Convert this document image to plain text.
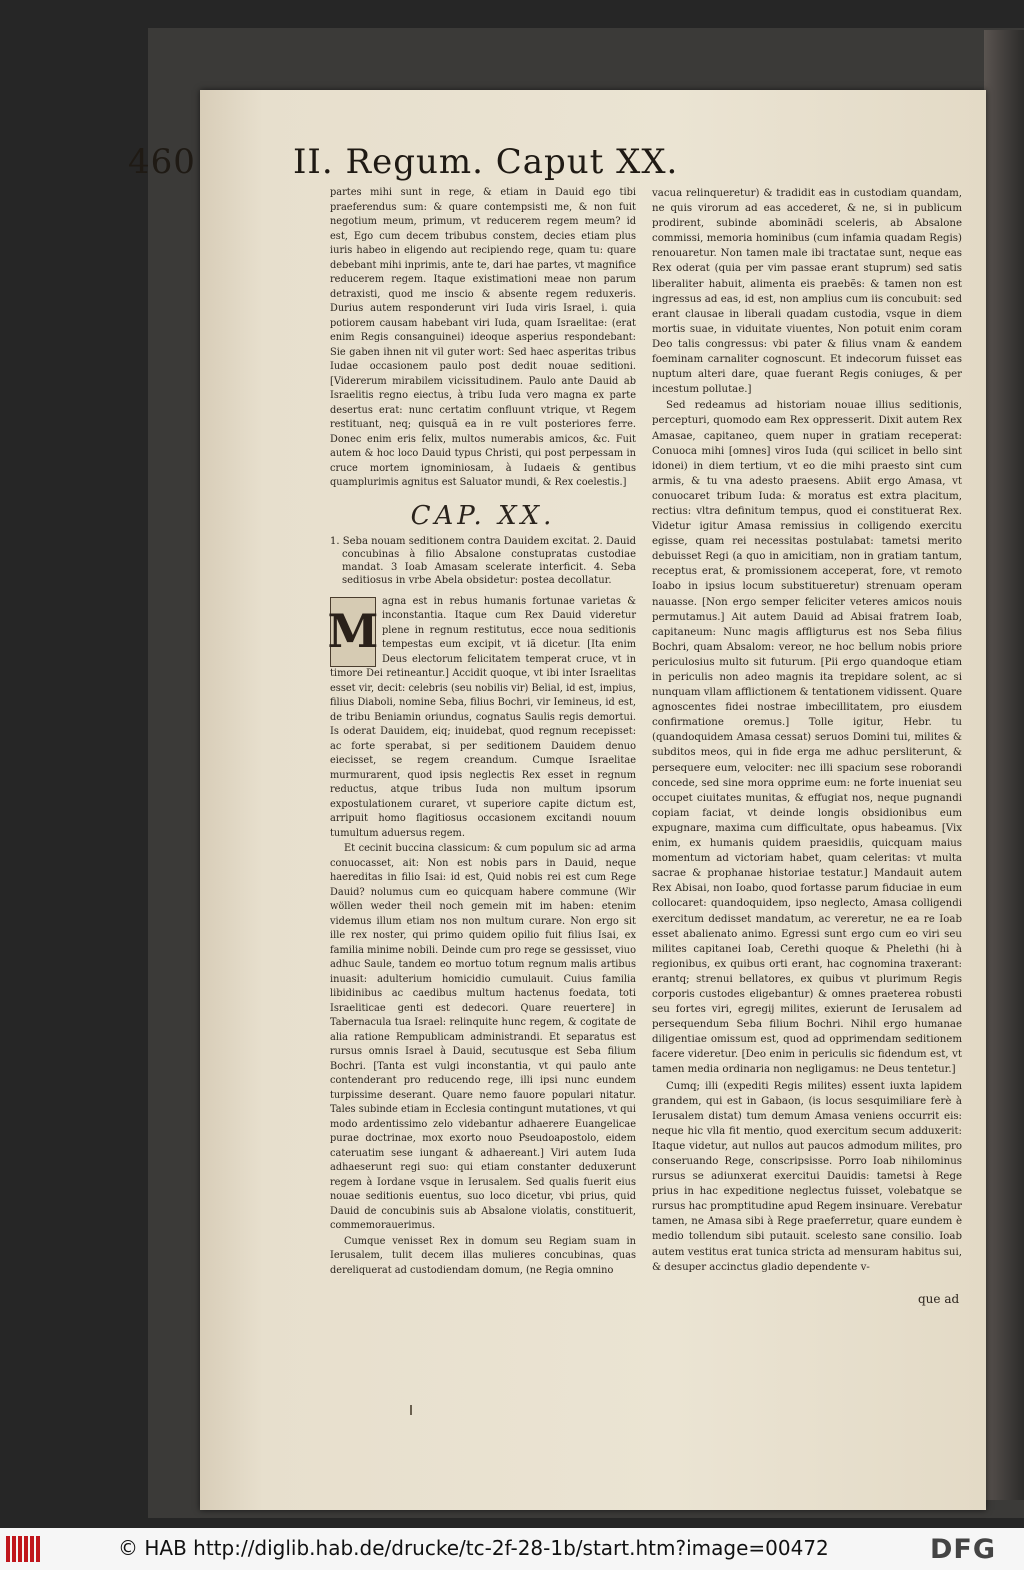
460	II. Regum. Caput XX.

partes mihi sunt in rege, & etiam in Dauid ego tibi praeferendus sum: & quare contempsisti me, & non fuit negotium meum, primum, vt reducerem regem meum? id est, Ego cum decem tribubus constem, decies etiam plus iuris habeo in eligendo aut recipiendo rege, quam tu: quare debebant mihi inprimis, ante te, dari hae partes, vt magnifice reducerem regem. Itaque existimationi meae non parum detraxisti, quod me inscio & absente regem reduxeris. Durius autem responderunt viri Iuda viris Israel, i. quia potiorem causam habebant viri Iuda, quam Israelitae: (erat enim Regis consanguinei) ideoque asperius respondebant: Sie gaben ihnen nit vil guter wort: Sed haec asperitas tribus Iudae occasionem paulo post dedit nouae seditioni. [Vidererum mirabilem vicissitudinem. Paulo ante Dauid ab Israelitis regno eiectus, à tribu Iuda vero magna ex parte desertus erat: nunc certatim confluunt vtrique, vt Regem restituant, neq; quisquã ea in re vult posteriores ferre. Donec enim eris felix, multos numerabis amicos, &c. Fuit autem & hoc loco Dauid typus Christi, qui post perpessam in cruce mortem ignominiosam, à Iudaeis & gentibus quamplurimis agnitus est Saluator mundi, & Rex coelestis.]

CAP. XX.
1. Seba nouam seditionem contra Dauidem excitat. 2. Dauid concubinas à filio Absalone constupratas custodiae mandat. 3 Ioab Amasam scelerate interficit. 4. Seba seditiosus in vrbe Abela obsidetur: postea decollatur.
M

agna est in rebus humanis fortunae varietas & inconstantia. Itaque cum Rex Dauid videretur plene in regnum restitutus, ecce noua seditionis tempestas eum excipit, vt iã dicetur. [Ita enim Deus electorum felicitatem temperat cruce, vt in timore Dei retineantur.] Accidit quoque, vt ibi inter Israelitas esset vir, decit: celebris (seu nobilis vir) Belial, id est, impius, filius Diaboli, nomine Seba, filius Bochri, vir Iemineus, id est, de tribu Beniamin oriundus, cognatus Saulis regis demortui. Is oderat Dauidem, eiq; inuidebat, quod regnum recepisset: ac forte sperabat, si per seditionem Dauidem denuo eiecisset, se regem creandum. Cumque Israelitae murmurarent, quod ipsis neglectis Rex esset in regnum reductus, atque tribus Iuda non multum ipsorum expostulationem curaret, vt superiore capite dictum est, arripuit homo flagitiosus occasionem excitandi nouum tumultum aduersus regem.

Et cecinit buccina classicum: & cum populum sic ad arma conuocasset, ait: Non est nobis pars in Dauid, neque haereditas in filio Isai: id est, Quid nobis rei est cum Rege Dauid? nolumus cum eo quicquam habere commune (Wir wöllen weder theil noch gemein mit im haben: etenim videmus illum etiam nos non multum curare. Non ergo sit ille rex noster, qui primo quidem opilio fuit filius Isai, ex familia minime nobili. Deinde cum pro rege se gessisset, viuo adhuc Saule, tandem eo mortuo totum regnum malis artibus inuasit: adulterium homicidio cumulauit. Cuius familia libidinibus ac caedibus multum hactenus foedata, toti Israeliticae genti est dedecori. Quare reuertere] in Tabernacula tua Israel: relinquite hunc regem, & cogitate de alia ratione Rempublicam administrandi. Et separatus est rursus omnis Israel à Dauid, secutusque est Seba filium Bochri. [Tanta est vulgi inconstantia, vt qui paulo ante contenderant pro reducendo rege, illi ipsi nunc eundem turpissime deserant. Quare nemo fauore populari nitatur. Tales subinde etiam in Ecclesia contingunt mutationes, vt qui modo ardentissimo zelo videbantur adhaerere Euangelicae purae doctrinae, mox exorto nouo Pseudoapostolo, eidem cateruatim sese iungant & adhaereant.] Viri autem Iuda adhaeserunt regi suo: qui etiam constanter deduxerunt regem à Iordane vsque in Ierusalem. Sed qualis fuerit eius nouae seditionis euentus, suo loco dicetur, vbi prius, quid Dauid de concubinis suis ab Absalone violatis, constituerit, commemorauerimus.

Cumque venisset Rex in domum seu Regiam suam in Ierusalem, tulit decem illas mulieres concubinas, quas dereliquerat ad custodiendam domum, (ne Regia omnino

vacua relinqueretur) & tradidit eas in custodiam quandam, ne quis virorum ad eas accederet, & ne, si in publicum prodirent, subinde abominãdi sceleris, ab Absalone commissi, memoria hominibus (cum infamia quadam Regis) renouaretur. Non tamen male ibi tractatae sunt, neque eas Rex oderat (quia per vim passae erant stuprum) sed satis liberaliter habuit, alimenta eis praebẽs: & tamen non est ingressus ad eas, id est, non amplius cum iis concubuit: sed erant clausae in liberali quadam custodia, vsque in diem mortis suae, in viduitate viuentes, Non potuit enim coram Deo talis congressus: vbi pater & filius vnam & eandem foeminam carnaliter cognoscunt. Et indecorum fuisset eas nuptum alteri dare, quae fuerant Regis coniuges, & per incestum pollutae.]

Sed redeamus ad historiam nouae illius seditionis, percepturi, quomodo eam Rex oppresserit. Dixit autem Rex Amasae, capitaneo, quem nuper in gratiam receperat: Conuoca mihi [omnes] viros Iuda (qui scilicet in bello sint idonei) in diem tertium, vt eo die mihi praesto sint cum armis, & tu vna adesto praesens. Abiit ergo Amasa, vt conuocaret tribum Iuda: & moratus est extra placitum, rectius: vltra definitum tempus, quod ei constituerat Rex. Videtur igitur Amasa remissius in colligendo exercitu egisse, quam rei necessitas postulabat: tametsi merito debuisset Regi (a quo in amicitiam, non in gratiam tantum, receptus erat, & promissionem acceperat, fore, vt remoto Ioabo in ipsius locum substitueretur) strenuam operam nauasse. [Non ergo semper feliciter veteres amicos nouis permutamus.] Ait autem Dauid ad Abisai fratrem Ioab, capitaneum: Nunc magis affligturus est nos Seba filius Bochri, quam Absalom: vereor, ne hoc bellum nobis priore periculosius multo sit futurum. [Pii ergo quandoque etiam in periculis non adeo magnis ita trepidare solent, ac si nunquam vllam afflictionem & tentationem vidissent. Quare agnoscentes fidei nostrae imbecillitatem, pro eiusdem confirmatione oremus.] Tolle igitur, Hebr. tu (quandoquidem Amasa cessat) seruos Domini tui, milites & subditos meos, qui in fide erga me adhuc persliterunt, & persequere eum, velociter: nec illi spacium sese roborandi concede, sed sine mora opprime eum: ne forte inueniat seu occupet ciuitates munitas, & effugiat nos, neque pugnandi copiam faciat, vt deinde longis obsidionibus eum expugnare, maxima cum difficultate, opus habeamus. [Vix enim, ex humanis quidem praesidiis, quicquam maius momentum ad victoriam habet, quam celeritas: vt multa sacrae & prophanae historiae testatur.] Mandauit autem Rex Abisai, non Ioabo, quod fortasse parum fiduciae in eum collocaret: quandoquidem, ipso neglecto, Amasa colligendi exercitum dedisset mandatum, ac vereretur, ne ea re Ioab esset abalienato animo. Egressi sunt ergo cum eo viri seu milites capitanei Ioab, Cerethi quoque & Phelethi (hi à regionibus, ex quibus orti erant, hac cognomina traxerant: erantq; strenui bellatores, ex quibus vt plurimum Regis corporis custodes eligebantur) & omnes praeterea robusti seu fortes viri, egregij milites, exierunt de Ierusalem ad persequendum Seba filium Bochri. Nihil ergo humanae diligentiae omissum est, quod ad opprimendam seditionem facere videretur. [Deo enim in periculis sic fidendum est, vt tamen media ordinaria non negligamus: ne Deus tentetur.]

Cumq; illi (expediti Regis milites) essent iuxta lapidem grandem, qui est in Gabaon, (is locus sesquimiliare ferè à Ierusalem distat) tum demum Amasa veniens occurrit eis: neque hic vlla fit mentio, quod exercitum secum adduxerit: Itaque videtur, aut nullos aut paucos admodum milites, pro conseruando Rege, conscripsisse. Porro Ioab nihilominus rursus se adiunxerat exercitui Dauidis: tametsi à Rege prius in hac expeditione neglectus fuisset, volebatque se rursus hac promptitudine apud Regem insinuare. Verebatur tamen, ne Amasa sibi à Rege praeferretur, quare eundem è medio tollendum sibi putauit. scelesto sane consilio. Ioab autem vestitus erat tunica stricta ad mensuram habitus sui, & desuper accinctus gladio dependente v-

que ad
© HAB http://diglib.hab.de/drucke/tc-2f-28-1b/start.htm?image=00472	DFG
